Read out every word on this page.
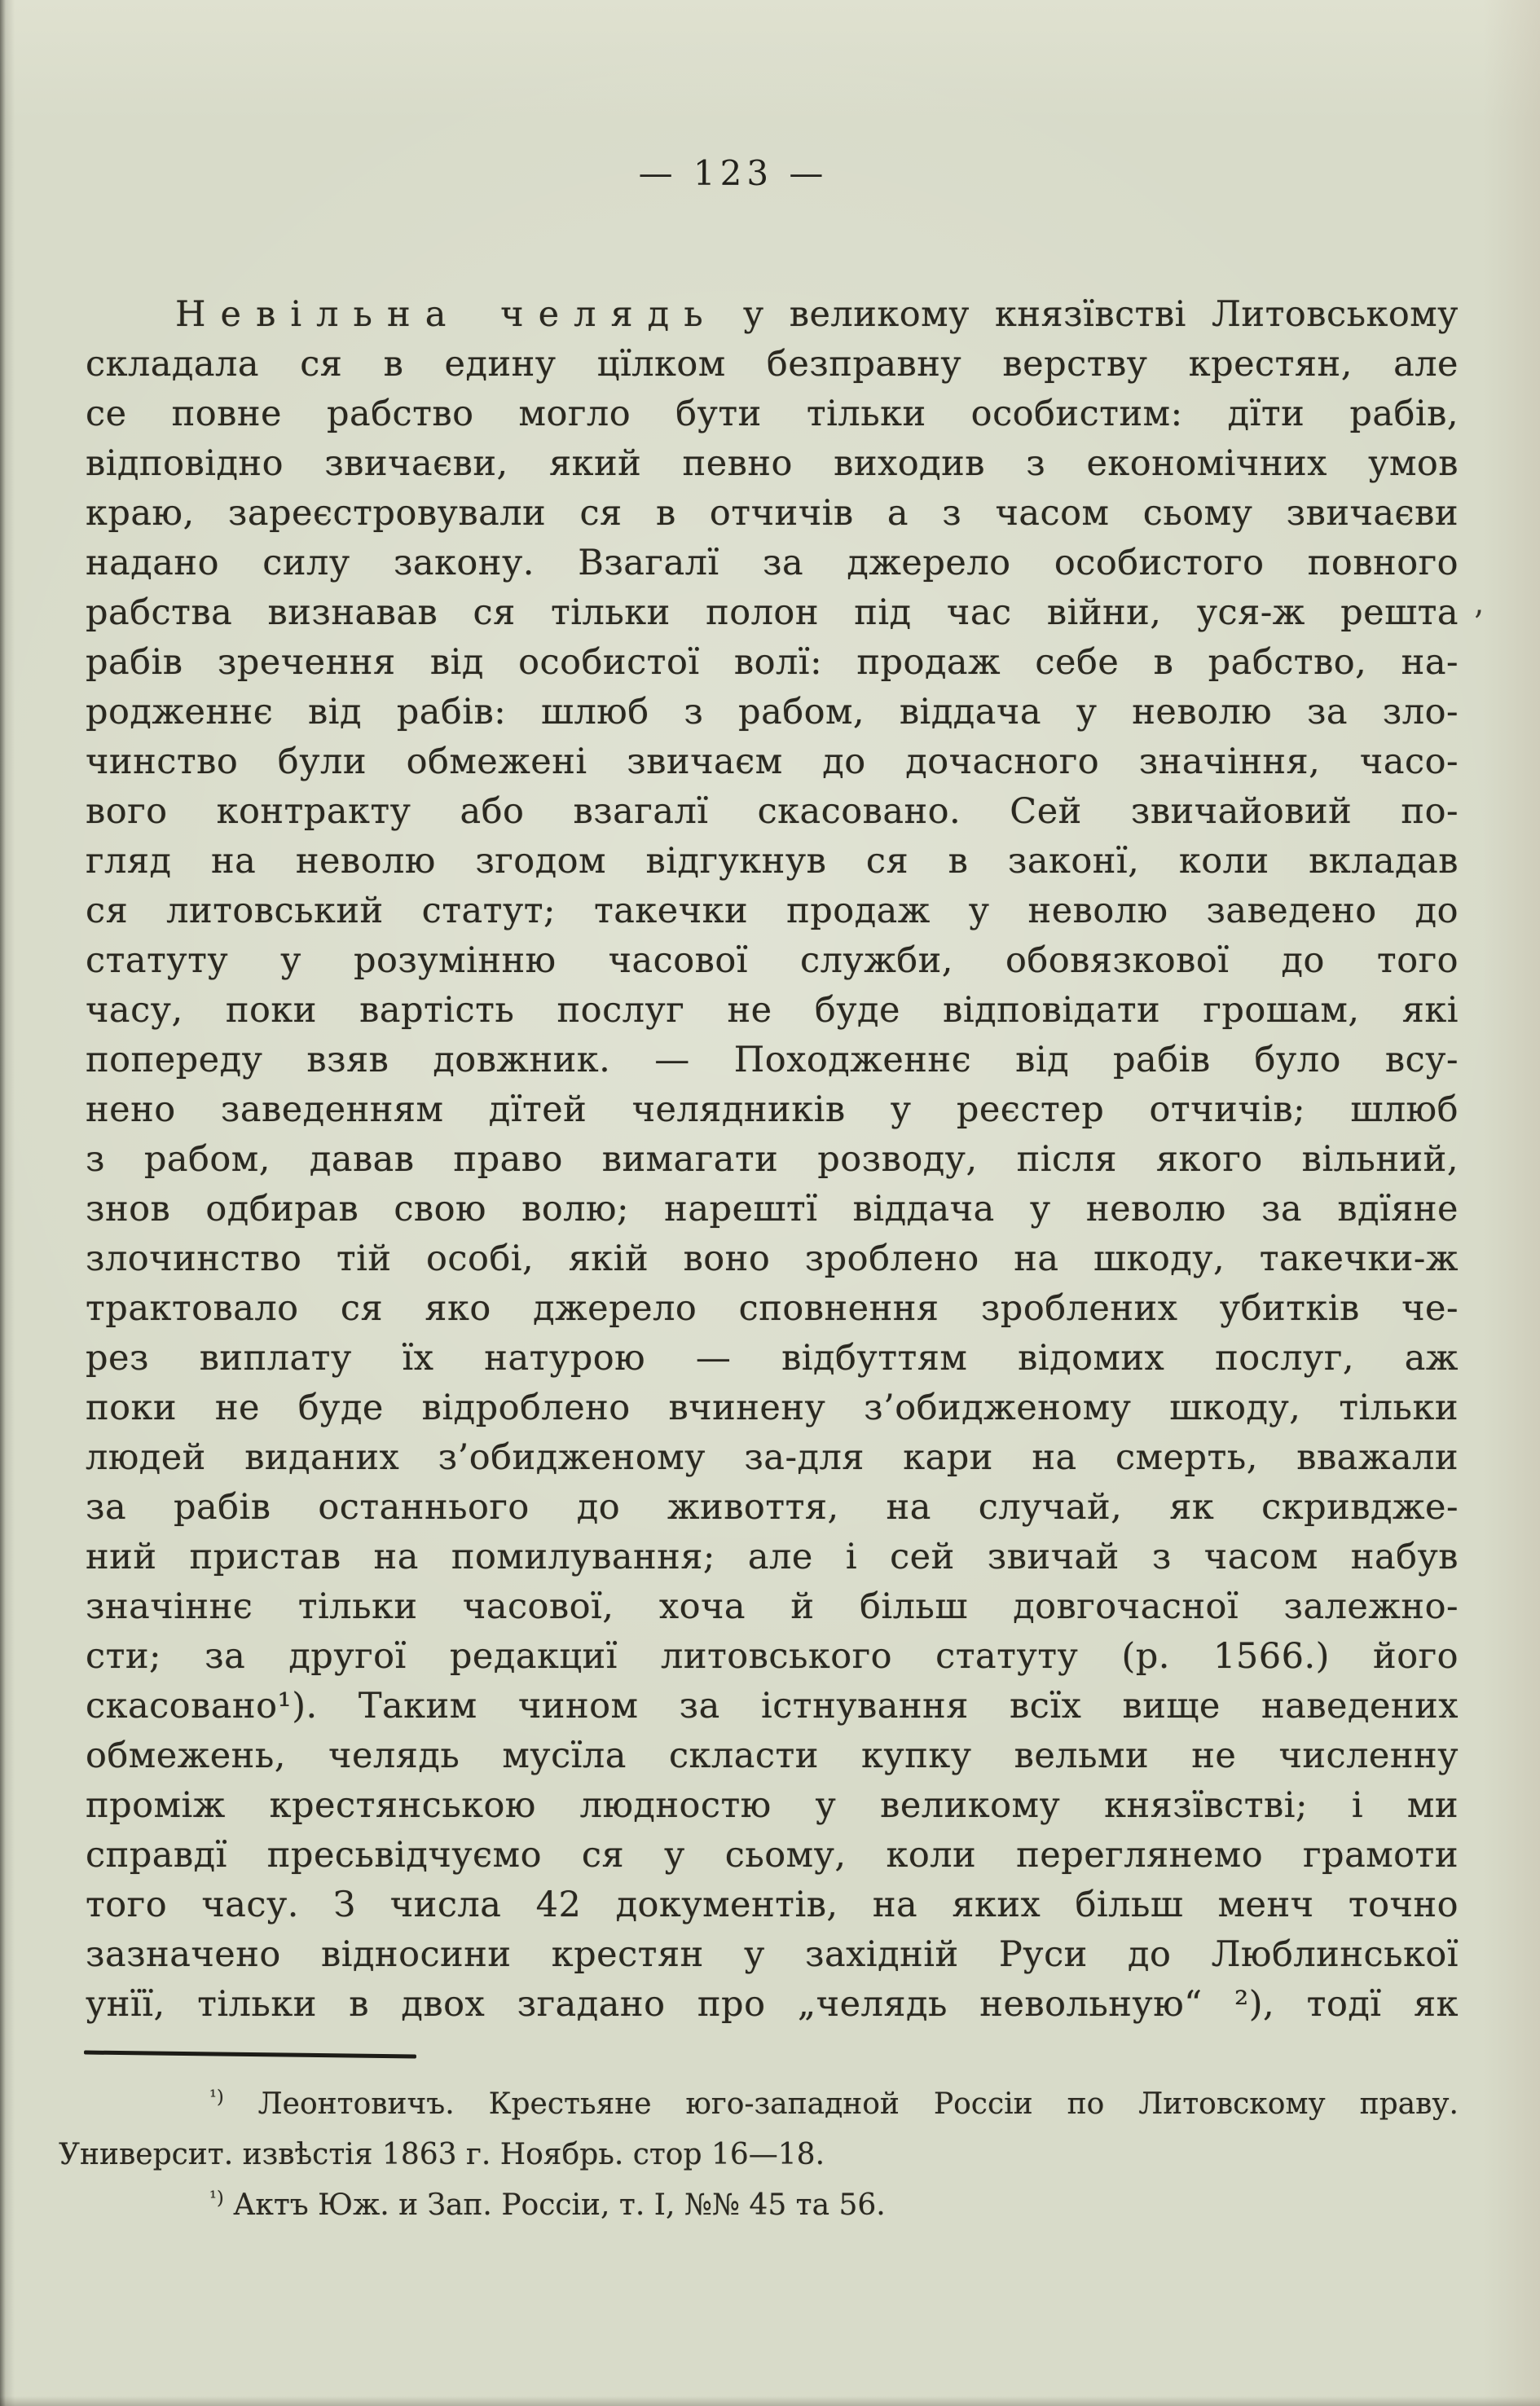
— 123 —
Невільна челядь у великому князївстві Литовському
складала ся в едину цїлком безправну верству крестян, але
се повне рабство могло бути тільки особистим: дїти рабів,
відповідно звичаєви, який певно виходив з економічних умов
краю, зареєстровували ся в отчичів а з часом сьому звичаєви
надано силу закону. Взагалї за джерело особистого повного
рабства визнавав ся тільки полон під час війни, уся-ж решта
рабів зречення від особистої волї: продаж себе в рабство, на-
родженнє від рабів: шлюб з рабом, віддача у неволю за зло-
чинство були обмежені звичаєм до дочасного значіння, часо-
вого контракту або взагалї скасовано. Сей звичайовий по-
гляд на неволю згодом відгукнув ся в законї, коли вкладав
ся литовський статут; такечки продаж у неволю заведено до
статуту у розумінню часової служби, обовязкової до того
часу, поки вартість послуг не буде відповідати грошам, які
попереду взяв довжник. — Походженнє від рабів було всу-
нено заведенням дїтей челядників у реєстер отчичів; шлюб
з рабом, давав право вимагати розводу, після якого вільний,
знов одбирав свою волю; нарештї віддача у неволю за вдїяне
злочинство тій особі, якій воно зроблено на шкоду, такечки-ж
трактовало ся яко джерело сповнення зроблених убитків че-
рез виплату їх натурою — відбуттям відомих послуг, аж
поки не буде відроблено вчинену з’обидженому шкоду, тільки
людей виданих з’обидженому за-для кари на смерть, вважали
за рабів останнього до живоття, на случай, як скривдже-
ний пристав на помилування; але і сей звичай з часом набув
значіннє тільки часової, хоча й більш довгочасної залежно-
сти; за другої редакциї литовського статуту (р. 1566.) його
скасовано¹). Таким чином за істнування всїх вище наведених
обмежень, челядь мусїла скласти купку вельми не численну
проміж крестянською людностю у великому князївстві; і ми
справдї пресьвідчуємо ся у сьому, коли переглянемо грамоти
того часу. З числа 42 документів, на яких більш менч точно
зазначено відносини крестян у західній Руси до Люблинської
унїї, тільки в двох згадано про „челядь невольную“ ²), тодї як
’
$^{^1)}$ Леонтовичъ. Крестьяне юго-западной Россіи по Литовскому праву.
Университ. извѣстія 1863 г. Ноябрь. стор 16—18.
$^{^1)}$ Актъ Юж. и Зап. Россіи, т. I, №№ 45 та 56.
